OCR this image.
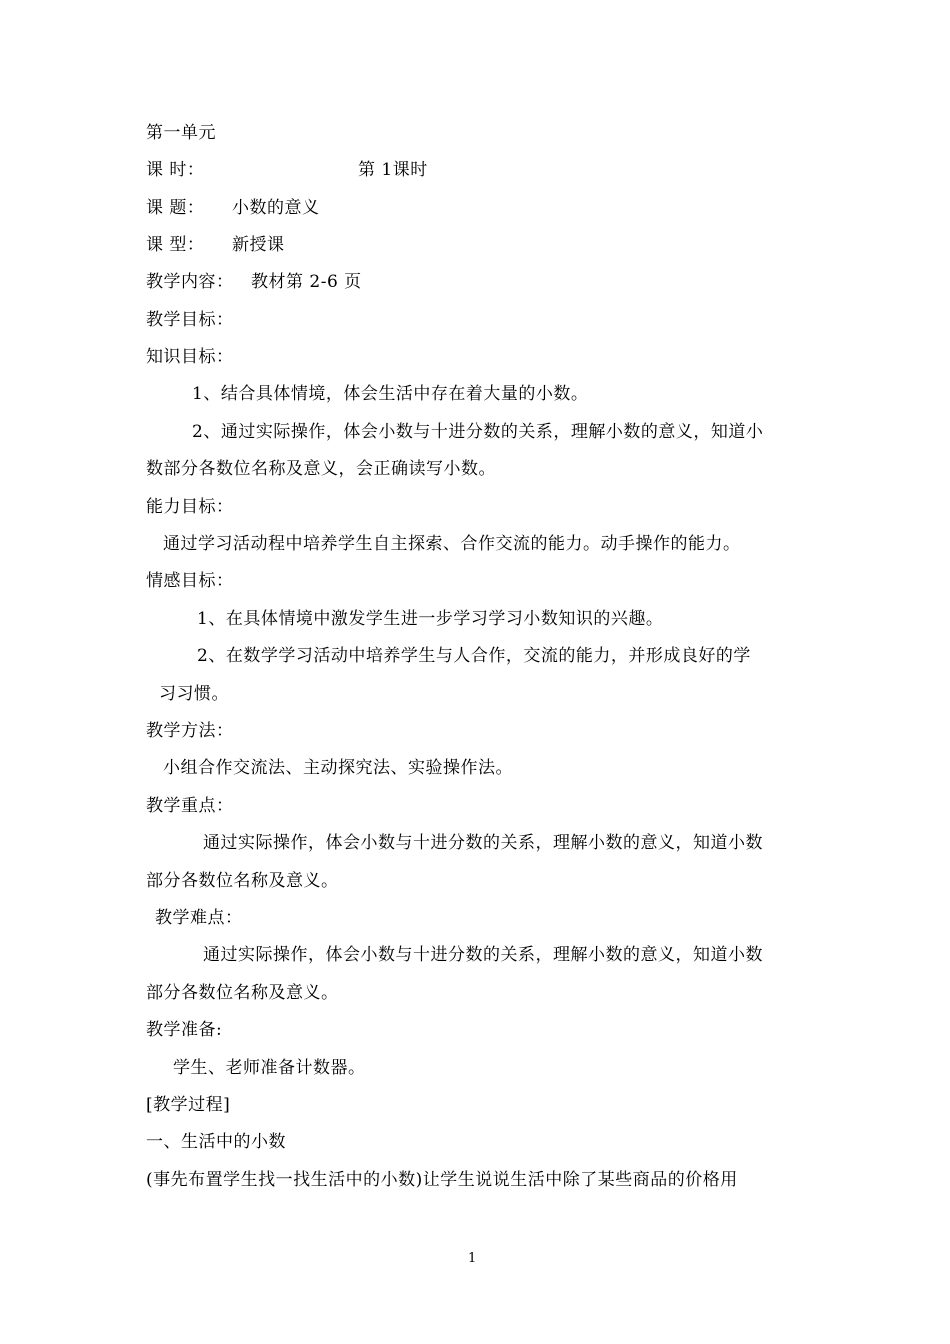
第一单元
课 时：	第 1课时
课 题： 小数的意义
课 型： 新授课
教学内容： 教材第 2-6 页
教学目标：
知识目标：
1、结合具体情境，体会生活中存在着大量的小数。
2、通过实际操作，体会小数与十进分数的关系，理解小数的意义，知道小
数部分各数位名称及意义，会正确读写小数。
能力目标：
通过学习活动程中培养学生自主探索、合作交流的能力。动手操作的能力。
情感目标：
1、在具体情境中激发学生进一步学习学习小数知识的兴趣。
2、在数学学习活动中培养学生与人合作，交流的能力，并形成良好的学
习习惯。
教学方法：
小组合作交流法、主动探究法、实验操作法。
教学重点：
通过实际操作，体会小数与十进分数的关系，理解小数的意义，知道小数
部分各数位名称及意义。
教学难点：
通过实际操作，体会小数与十进分数的关系，理解小数的意义，知道小数
部分各数位名称及意义。
教学准备:
学生、老师准备计数器。
[教学过程]
一、生活中的小数
(事先布置学生找一找生活中的小数)让学生说说生活中除了某些商品的价格用
1
